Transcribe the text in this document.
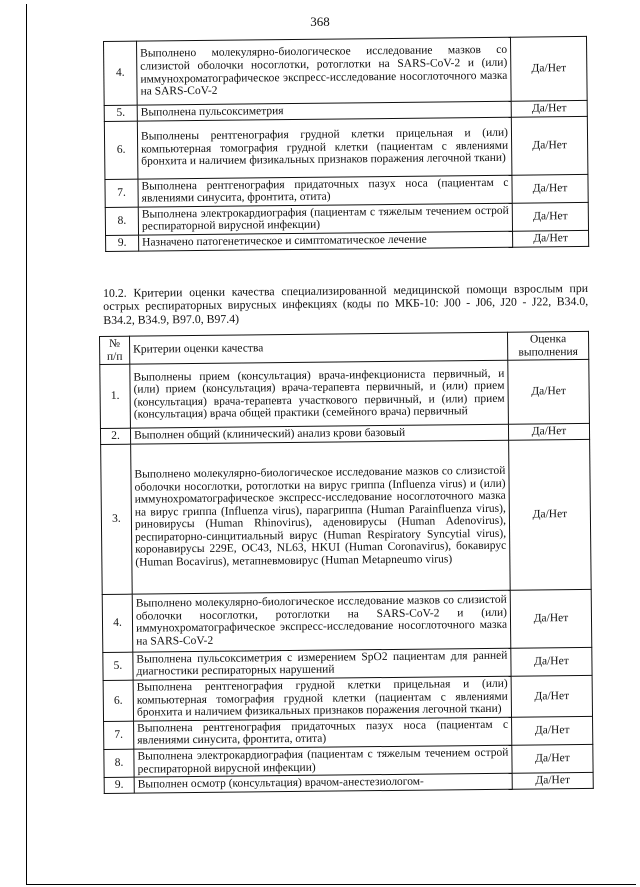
368
4.	Выполнено молекулярно-биологическое исследование мазков со слизистой оболочки носоглотки, ротоглотки на SARS-CoV-2 и (или) иммунохроматографическое экспресс-исследование носоглоточного мазка на SARS-CoV-2	Да/Нет
5.	Выполнена пульсоксиметрия	Да/Нет
6.	Выполнены рентгенография грудной клетки прицельная и (или) компьютерная томография грудной клетки (пациентам с явлениями бронхита и наличием физикальных признаков поражения легочной ткани)	Да/Нет
7.	Выполнена рентгенография придаточных пазух носа (пациентам с явлениями синусита, фронтита, отита)	Да/Нет
8.	Выполнена электрокардиография (пациентам с тяжелым течением острой респираторной вирусной инфекции)	Да/Нет
9.	Назначено патогенетическое и симптоматическое лечение	Да/Нет
10.2. Критерии оценки качества специализированной медицинской помощи взрослым при острых респираторных вирусных инфекциях (коды по МКБ-10: J00 - J06, J20 - J22, B34.0, B34.2, B34.9, B97.0, B97.4)
№ п/п	Критерии оценки качества	Оценка выполнения
1.	Выполнены прием (консультация) врача-инфекциониста первичный, и (или) прием (консультация) врача-терапевта первичный, и (или) прием (консультация) врача-терапевта участкового первичный, и (или) прием (консультация) врача общей практики (семейного врача) первичный	Да/Нет
2.	Выполнен общий (клинический) анализ крови базовый	Да/Нет
3.	Выполнено молекулярно-биологическое исследование мазков со слизистой оболочки носоглотки, ротоглотки на вирус гриппа (Influenza virus) и (или) иммунохроматографическое экспресс-исследование носоглоточного мазка на вирус гриппа (Influenza virus), парагриппа (Human Parainfluenza virus), риновирусы (Human Rhinovirus), аденовирусы (Human Adenovirus), респираторно-синцитиальный вирус (Human Respiratory Syncytial virus), коронавирусы 229E, OC43, NL63, HKUI (Human Coronavirus), бокавирус (Human Bocavirus), метапневмовирус (Human Metapneumo virus)	Да/Нет
4.	Выполнено молекулярно-биологическое исследование мазков со слизистой оболочки носоглотки, ротоглотки на SARS-CoV-2 и (или) иммунохроматографическое экспресс-исследование носоглоточного мазка на SARS-CoV-2	Да/Нет
5.	Выполнена пульсоксиметрия с измерением SpO2 пациентам для ранней диагностики респираторных нарушений	Да/Нет
6.	Выполнена рентгенография грудной клетки прицельная и (или) компьютерная томография грудной клетки (пациентам с явлениями бронхита и наличием физикальных признаков поражения легочной ткани)	Да/Нет
7.	Выполнена рентгенография придаточных пазух носа (пациентам с явлениями синусита, фронтита, отита)	Да/Нет
8.	Выполнена электрокардиография (пациентам с тяжелым течением острой респираторной вирусной инфекции)	Да/Нет
9.	Выполнен осмотр (консультация) врачом-анестезиологом-	Да/Нет
